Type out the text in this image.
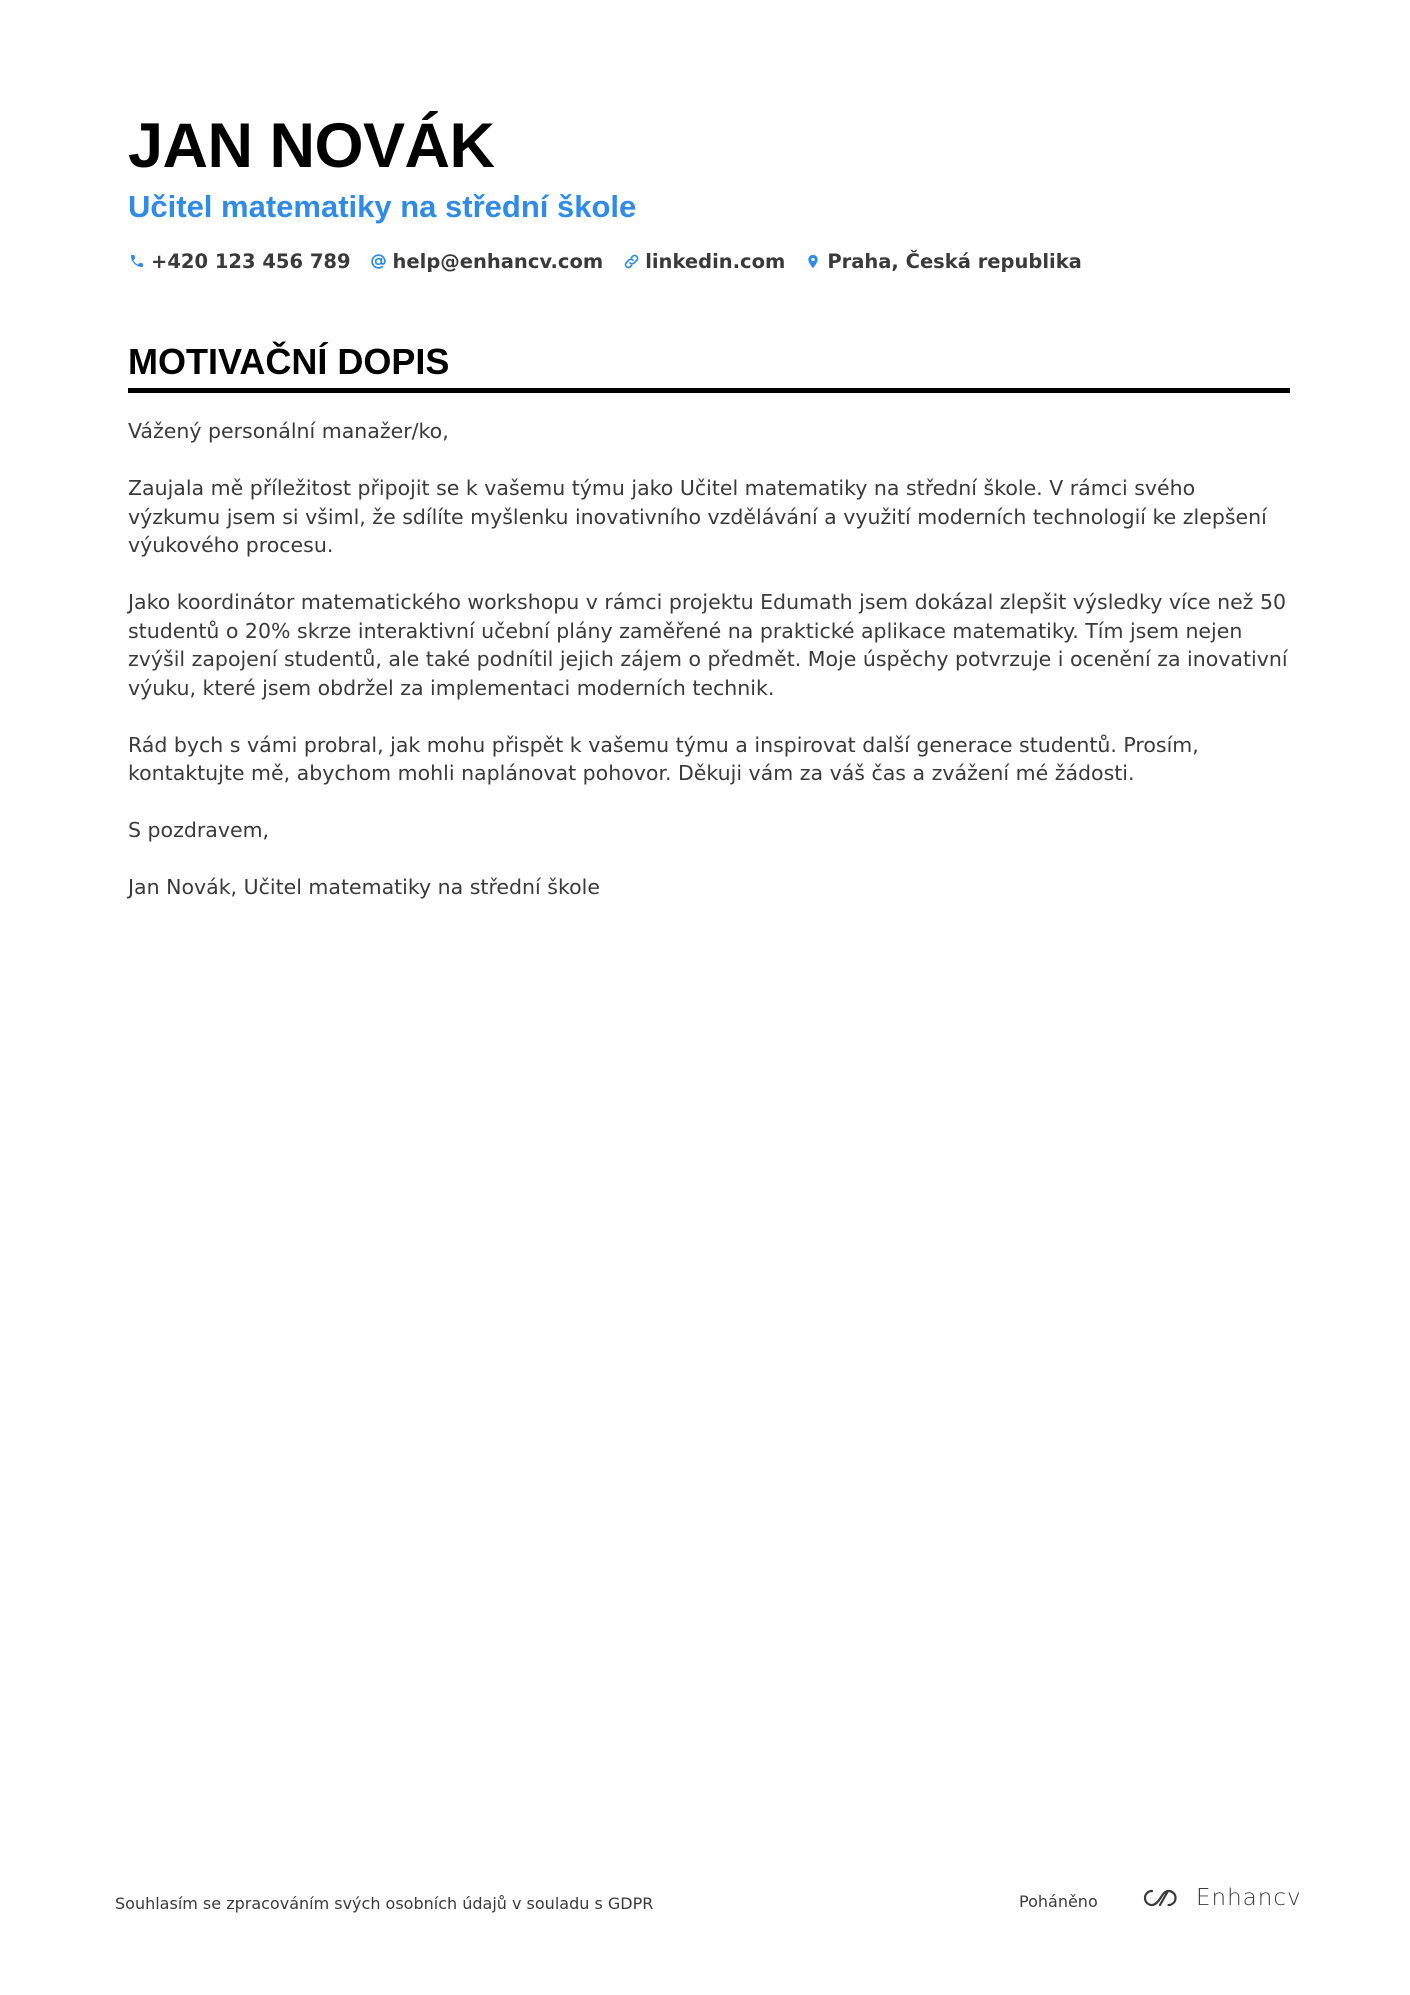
JAN NOVÁK
Učitel matematiky na střední škole
+420 123 456 789 help@enhancv.com linkedin.com Praha, Česká republika
MOTIVAČNÍ DOPIS

Vážený personální manažer/ko,

Zaujala mě příležitost připojit se k vašemu týmu jako Učitel matematiky na střední škole. V rámci svého výzkumu jsem si všiml, že sdílíte myšlenku inovativního vzdělávání a využití moderních technologií ke zlepšení výukového procesu.

Jako koordinátor matematického workshopu v rámci projektu Edumath jsem dokázal zlepšit výsledky více než 50 studentů o 20% skrze interaktivní učební plány zaměřené na praktické aplikace matematiky. Tím jsem nejen zvýšil zapojení studentů, ale také podnítil jejich zájem o předmět. Moje úspěchy potvrzuje i ocenění za inovativní výuku, které jsem obdržel za implementaci moderních technik.

Rád bych s vámi probral, jak mohu přispět k vašemu týmu a inspirovat další generace studentů. Prosím, kontaktujte mě, abychom mohli naplánovat pohovor. Děkuji vám za váš čas a zvážení mé žádosti.

S pozdravem,

Jan Novák, Učitel matematiky na střední škole

Souhlasím se zpracováním svých osobních údajů v souladu s GDPR	Poháněno	Enhancv
